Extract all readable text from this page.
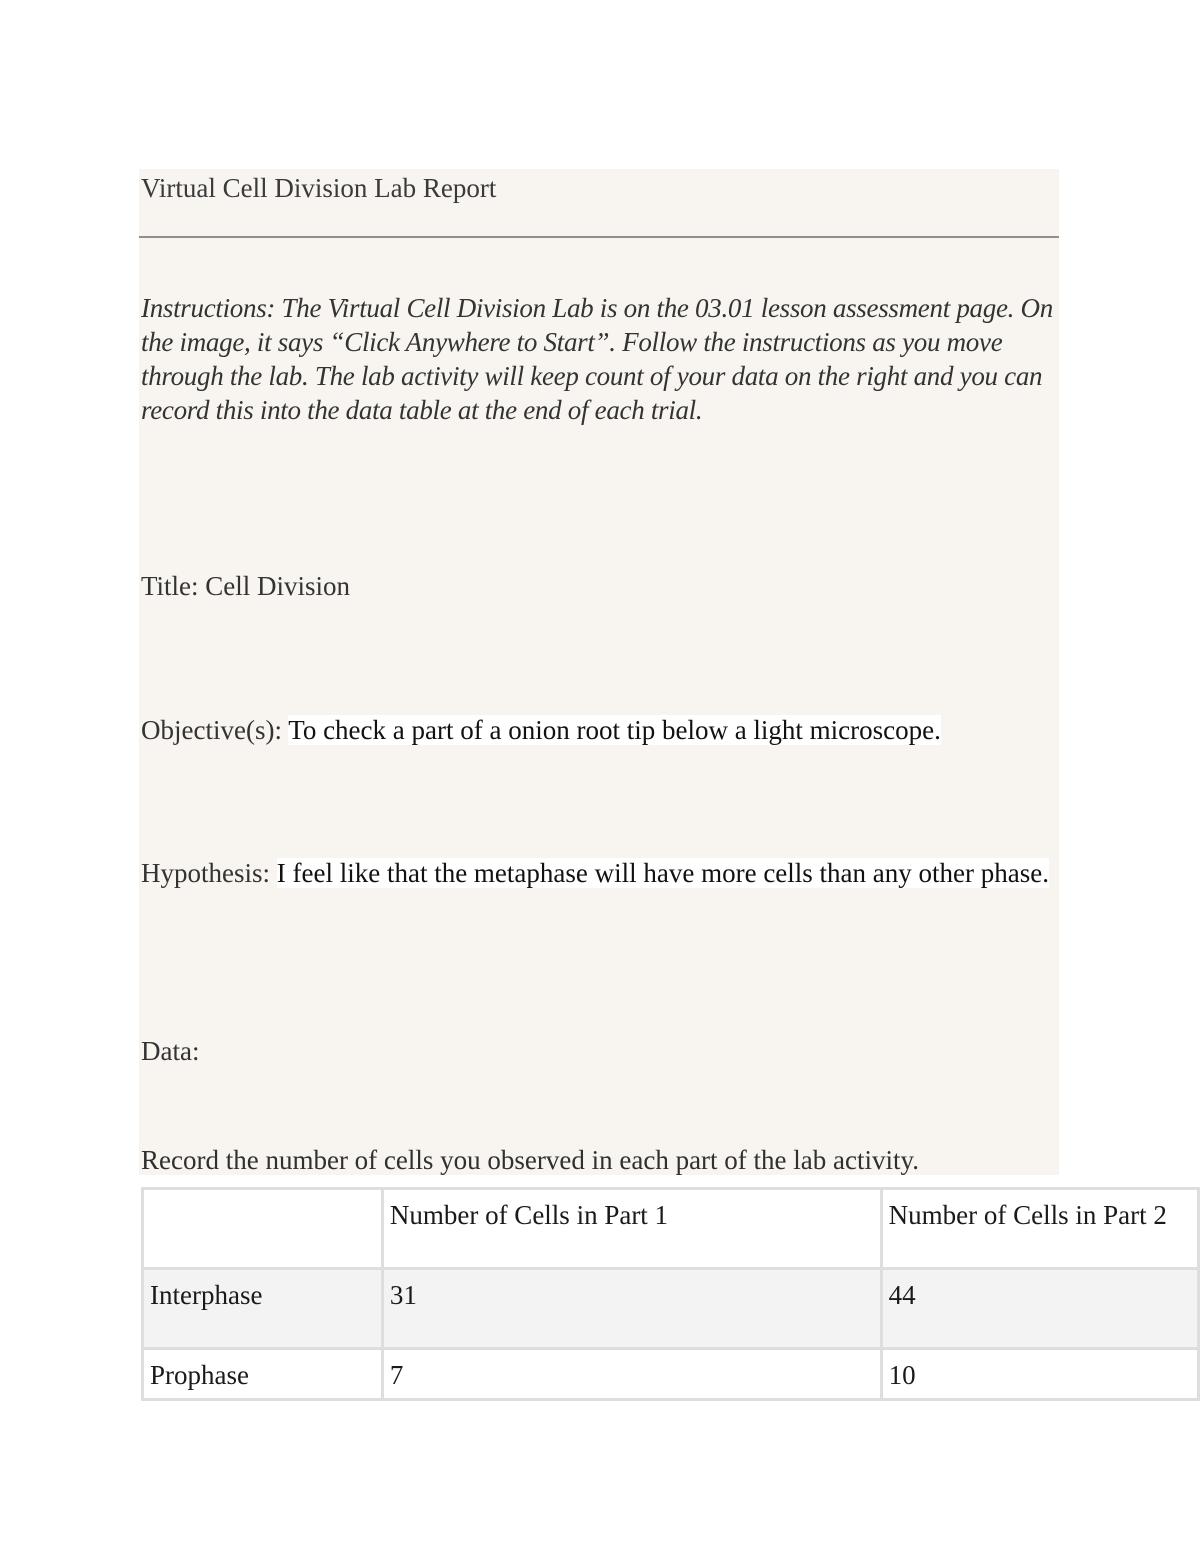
Virtual Cell Division Lab Report
Instructions: The Virtual Cell Division Lab is on the 03.01 lesson assessment page. On the image, it says “Click Anywhere to Start”. Follow the instructions as you move through the lab. The lab activity will keep count of your data on the right and you can record this into the data table at the end of each trial.
Title: Cell Division
Objective(s): To check a part of a onion root tip below a light microscope.
Hypothesis: I feel like that the metaphase will have more cells than any other phase.
Data:
Record the number of cells you observed in each part of the lab activity.
	Number of Cells in Part 1	Number of Cells in Part 2
Interphase	31	44
Prophase	7	10
